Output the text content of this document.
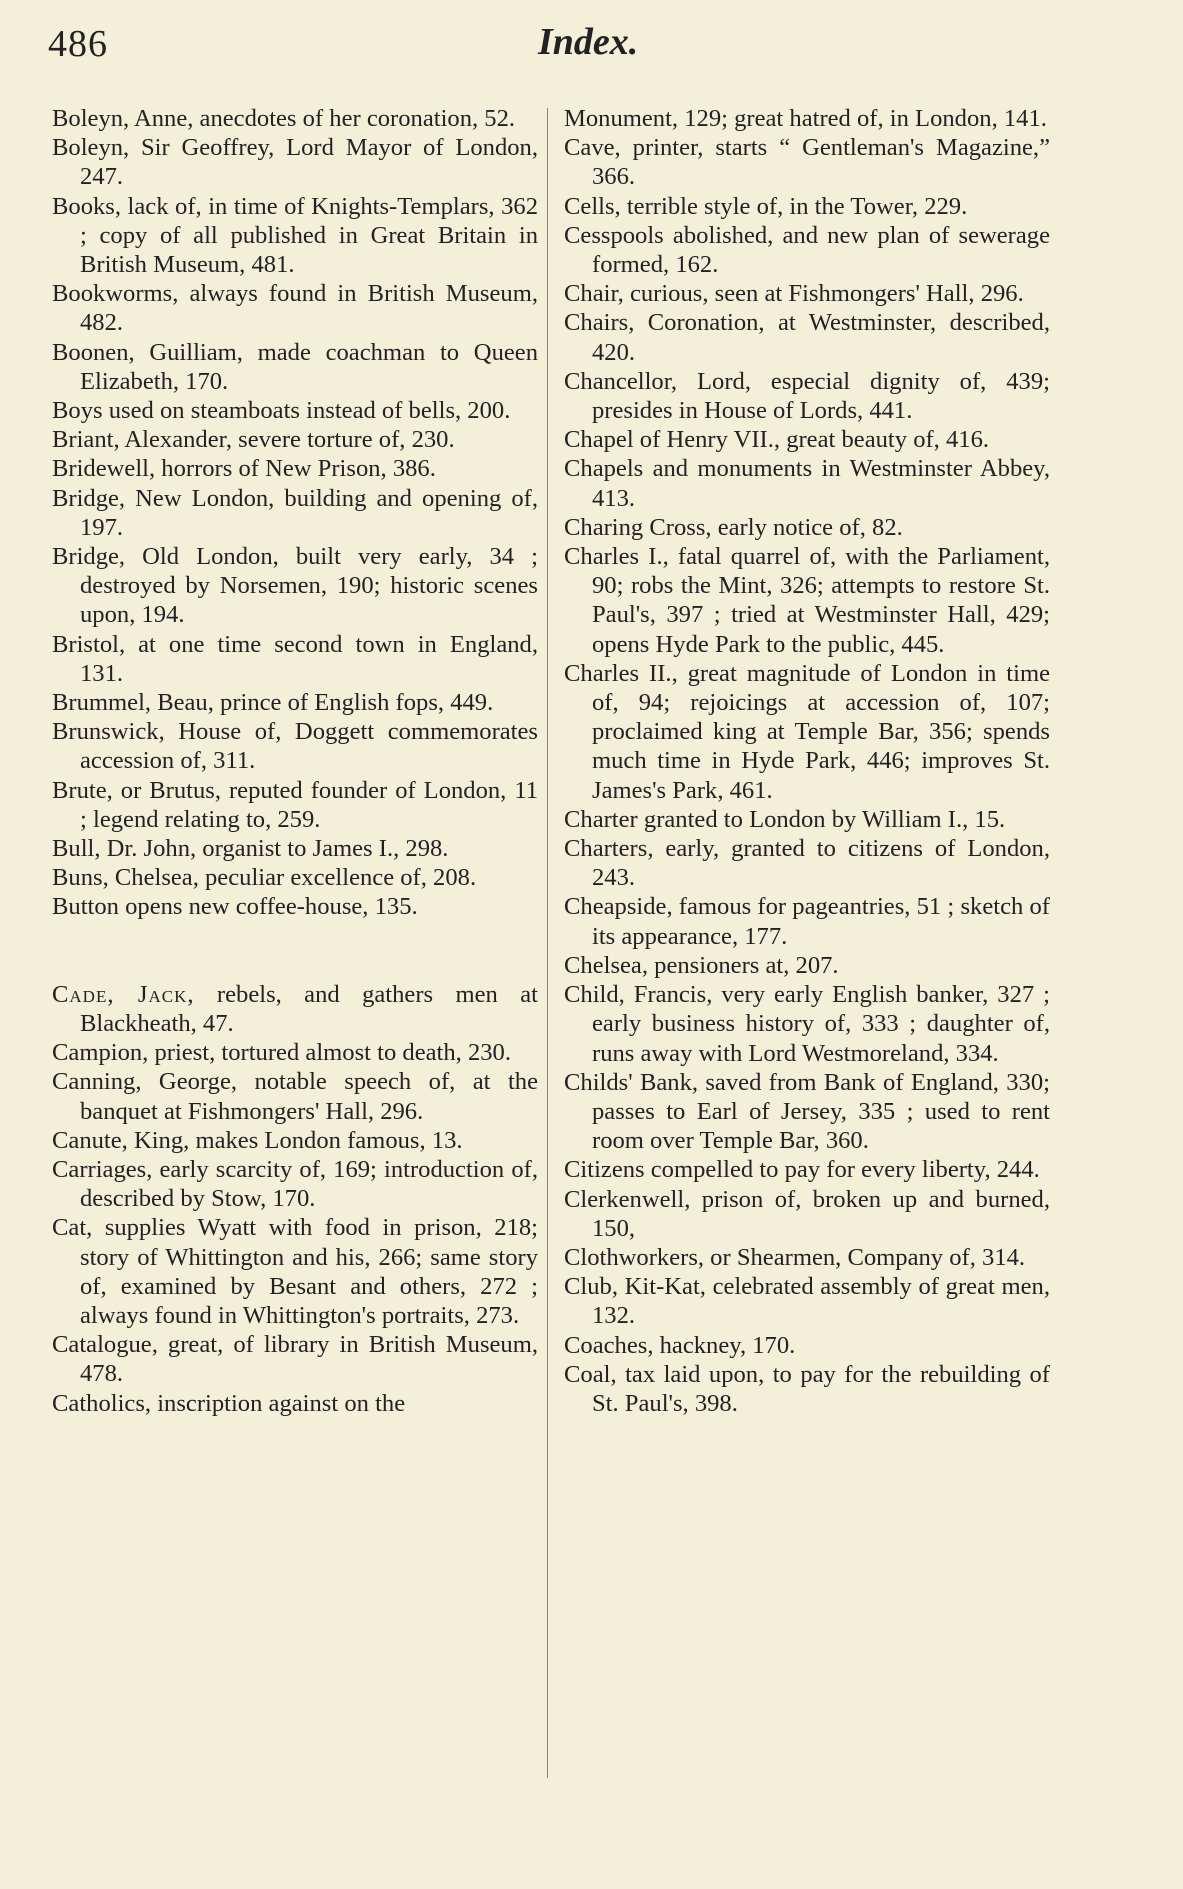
486	Index.

Boleyn, Anne, anecdotes of her coronation, 52.

Boleyn, Sir Geoffrey, Lord Mayor of London, 247.

Books, lack of, in time of Knights-Templars, 362 ; copy of all published in Great Britain in British Museum, 481.

Bookworms, always found in British Museum, 482.

Boonen, Guilliam, made coachman to Queen Elizabeth, 170.

Boys used on steamboats instead of bells, 200.

Briant, Alexander, severe torture of, 230.

Bridewell, horrors of New Prison, 386.

Bridge, New London, building and opening of, 197.

Bridge, Old London, built very early, 34 ; destroyed by Norsemen, 190; historic scenes upon, 194.

Bristol, at one time second town in England, 131.

Brummel, Beau, prince of English fops, 449.

Brunswick, House of, Doggett commemorates accession of, 311.

Brute, or Brutus, reputed founder of London, 11 ; legend relating to, 259.

Bull, Dr. John, organist to James I., 298.

Buns, Chelsea, peculiar excellence of, 208.

Button opens new coffee-house, 135.

Cade, Jack, rebels, and gathers men at Blackheath, 47.

Campion, priest, tortured almost to death, 230.

Canning, George, notable speech of, at the banquet at Fishmongers' Hall, 296.

Canute, King, makes London famous, 13.

Carriages, early scarcity of, 169; introduction of, described by Stow, 170.

Cat, supplies Wyatt with food in prison, 218; story of Whittington and his, 266; same story of, examined by Besant and others, 272 ; always found in Whittington's portraits, 273.

Catalogue, great, of library in British Museum, 478.

Catholics, inscription against on the

Monument, 129; great hatred of, in London, 141.

Cave, printer, starts “ Gentleman's Magazine,” 366.

Cells, terrible style of, in the Tower, 229.

Cesspools abolished, and new plan of sewerage formed, 162.

Chair, curious, seen at Fishmongers' Hall, 296.

Chairs, Coronation, at Westminster, described, 420.

Chancellor, Lord, especial dignity of, 439; presides in House of Lords, 441.

Chapel of Henry VII., great beauty of, 416.

Chapels and monuments in Westminster Abbey, 413.

Charing Cross, early notice of, 82.

Charles I., fatal quarrel of, with the Parliament, 90; robs the Mint, 326; attempts to restore St. Paul's, 397 ; tried at Westminster Hall, 429; opens Hyde Park to the public, 445.

Charles II., great magnitude of London in time of, 94; rejoicings at accession of, 107; proclaimed king at Temple Bar, 356; spends much time in Hyde Park, 446; improves St. James's Park, 461.

Charter granted to London by William I., 15.

Charters, early, granted to citizens of London, 243.

Cheapside, famous for pageantries, 51 ; sketch of its appearance, 177.

Chelsea, pensioners at, 207.

Child, Francis, very early English banker, 327 ; early business history of, 333 ; daughter of, runs away with Lord Westmoreland, 334.

Childs' Bank, saved from Bank of England, 330; passes to Earl of Jersey, 335 ; used to rent room over Temple Bar, 360.

Citizens compelled to pay for every liberty, 244.

Clerkenwell, prison of, broken up and burned, 150,

Clothworkers, or Shearmen, Company of, 314.

Club, Kit-Kat, celebrated assembly of great men, 132.

Coaches, hackney, 170.

Coal, tax laid upon, to pay for the rebuilding of St. Paul's, 398.
